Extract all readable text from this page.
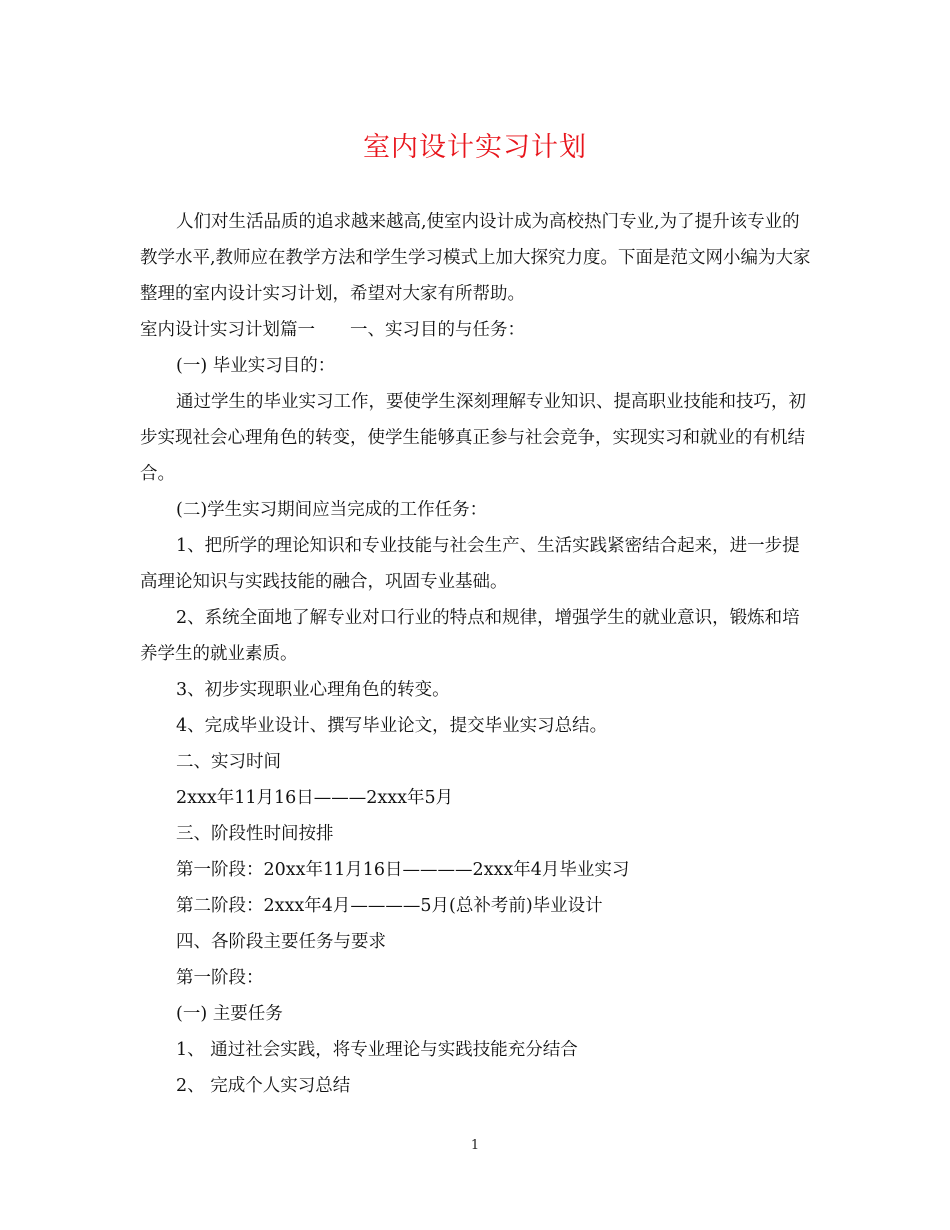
室内设计实习计划

人们对生活品质的追求越来越高,使室内设计成为高校热门专业,为了提升该专业的教学水平,教师应在教学方法和学生学习模式上加大探究力度。下面是范文网小编为大家整理的室内设计实习计划，希望对大家有所帮助。

室内设计实习计划篇一　　一、实习目的与任务：

(一) 毕业实习目的：

通过学生的毕业实习工作，要使学生深刻理解专业知识、提高职业技能和技巧，初步实现社会心理角色的转变，使学生能够真正参与社会竞争，实现实习和就业的有机结合。

(二)学生实习期间应当完成的工作任务：

1、把所学的理论知识和专业技能与社会生产、生活实践紧密结合起来，进一步提高理论知识与实践技能的融合，巩固专业基础。

2、系统全面地了解专业对口行业的特点和规律，增强学生的就业意识，锻炼和培养学生的就业素质。

3、初步实现职业心理角色的转变。

4、完成毕业设计、撰写毕业论文，提交毕业实习总结。

二、实习时间

2xxx年11月16日———2xxx年5月

三、阶段性时间按排

第一阶段：20xx年11月16日————2xxx年4月毕业实习

第二阶段：2xxx年4月————5月(总补考前)毕业设计

四、各阶段主要任务与要求

第一阶段：

(一) 主要任务

1、 通过社会实践，将专业理论与实践技能充分结合

2、 完成个人实习总结

1
